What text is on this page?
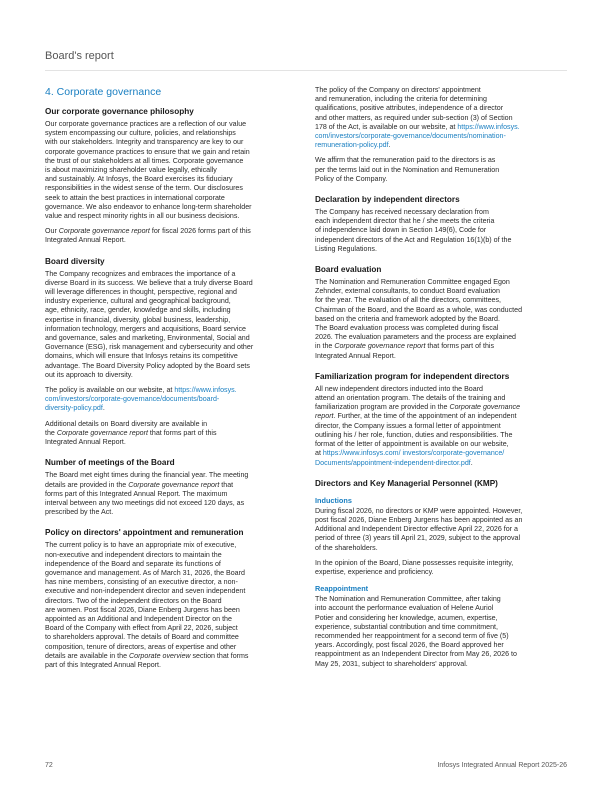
Board's report
4. Corporate governance
Our corporate governance philosophy

Our corporate governance practices are a reflection of our value
system encompassing our culture, policies, and relationships
with our stakeholders. Integrity and transparency are key to our
corporate governance practices to ensure that we gain and retain
the trust of our stakeholders at all times. Corporate governance
is about maximizing shareholder value legally, ethically
and sustainably. At Infosys, the Board exercises its fiduciary
responsibilities in the widest sense of the term. Our disclosures
seek to attain the best practices in international corporate
governance. We also endeavor to enhance long-term shareholder
value and respect minority rights in all our business decisions.

Our Corporate governance report for fiscal 2026 forms part of this
Integrated Annual Report.

Board diversity

The Company recognizes and embraces the importance of a
diverse Board in its success. We believe that a truly diverse Board
will leverage differences in thought, perspective, regional and
industry experience, cultural and geographical background,
age, ethnicity, race, gender, knowledge and skills, including
expertise in financial, diversity, global business, leadership,
information technology, mergers and acquisitions, Board service
and governance, sales and marketing, Environmental, Social and
Governance (ESG), risk management and cybersecurity and other
domains, which will ensure that Infosys retains its competitive
advantage. The Board Diversity Policy adopted by the Board sets
out its approach to diversity.

The policy is available on our website, at https://www.infosys.
com/investors/corporate-governance/documents/board-
diversity-policy.pdf.

Additional details on Board diversity are available in
the Corporate governance report that forms part of this
Integrated Annual Report.

Number of meetings of the Board

The Board met eight times during the financial year. The meeting
details are provided in the Corporate governance report that
forms part of this Integrated Annual Report. The maximum
interval between any two meetings did not exceed 120 days, as
prescribed by the Act.

Policy on directors' appointment and remuneration

The current policy is to have an appropriate mix of executive,
non-executive and independent directors to maintain the
independence of the Board and separate its functions of
governance and management. As of March 31, 2026, the Board
has nine members, consisting of an executive director, a non-
executive and non-independent director and seven independent
directors. Two of the independent directors on the Board
are women. Post fiscal 2026, Diane Enberg Jurgens has been
appointed as an Additional and Independent Director on the
Board of the Company with effect from April 22, 2026, subject
to shareholders approval. The details of Board and committee
composition, tenure of directors, areas of expertise and other
details are available in the Corporate overview section that forms
part of this Integrated Annual Report.

The policy of the Company on directors' appointment
and remuneration, including the criteria for determining
qualifications, positive attributes, independence of a director
and other matters, as required under sub-section (3) of Section
178 of the Act, is available on our website, at https://www.infosys.
com/investors/corporate-governance/documents/nomination-
remuneration-policy.pdf.

We affirm that the remuneration paid to the directors is as
per the terms laid out in the Nomination and Remuneration
Policy of the Company.

Declaration by independent directors

The Company has received necessary declaration from
each independent director that he / she meets the criteria
of independence laid down in Section 149(6), Code for
independent directors of the Act and Regulation 16(1)(b) of the
Listing Regulations.

Board evaluation

The Nomination and Remuneration Committee engaged Egon
Zehnder, external consultants, to conduct Board evaluation
for the year. The evaluation of all the directors, committees,
Chairman of the Board, and the Board as a whole, was conducted
based on the criteria and framework adopted by the Board.
The Board evaluation process was completed during fiscal
2026. The evaluation parameters and the process are explained
in the Corporate governance report that forms part of this
Integrated Annual Report.

Familiarization program for independent directors

All new independent directors inducted into the Board
attend an orientation program. The details of the training and
familiarization program are provided in the Corporate governance
report. Further, at the time of the appointment of an independent
director, the Company issues a formal letter of appointment
outlining his / her role, function, duties and responsibilities. The
format of the letter of appointment is available on our website,
at https://www.infosys.com/ investors/corporate-governance/
Documents/appointment-independent-director.pdf.

Directors and Key Managerial Personnel (KMP)
Inductions

During fiscal 2026, no directors or KMP were appointed. However,
post fiscal 2026, Diane Enberg Jurgens has been appointed as an
Additional and Independent Director effective April 22, 2026 for a
period of three (3) years till April 21, 2029, subject to the approval
of the shareholders.

In the opinion of the Board, Diane possesses requisite integrity,
expertise, experience and proficiency.

Reappointment

The Nomination and Remuneration Committee, after taking
into account the performance evaluation of Helene Auriol
Potier and considering her knowledge, acumen, expertise,
experience, substantial contribution and time commitment,
recommended her reappointment for a second term of five (5)
years. Accordingly, post fiscal 2026, the Board approved her
reappointment as an Independent Director from May 26, 2026 to
May 25, 2031, subject to shareholders' approval.

72	Infosys Integrated Annual Report 2025-26
